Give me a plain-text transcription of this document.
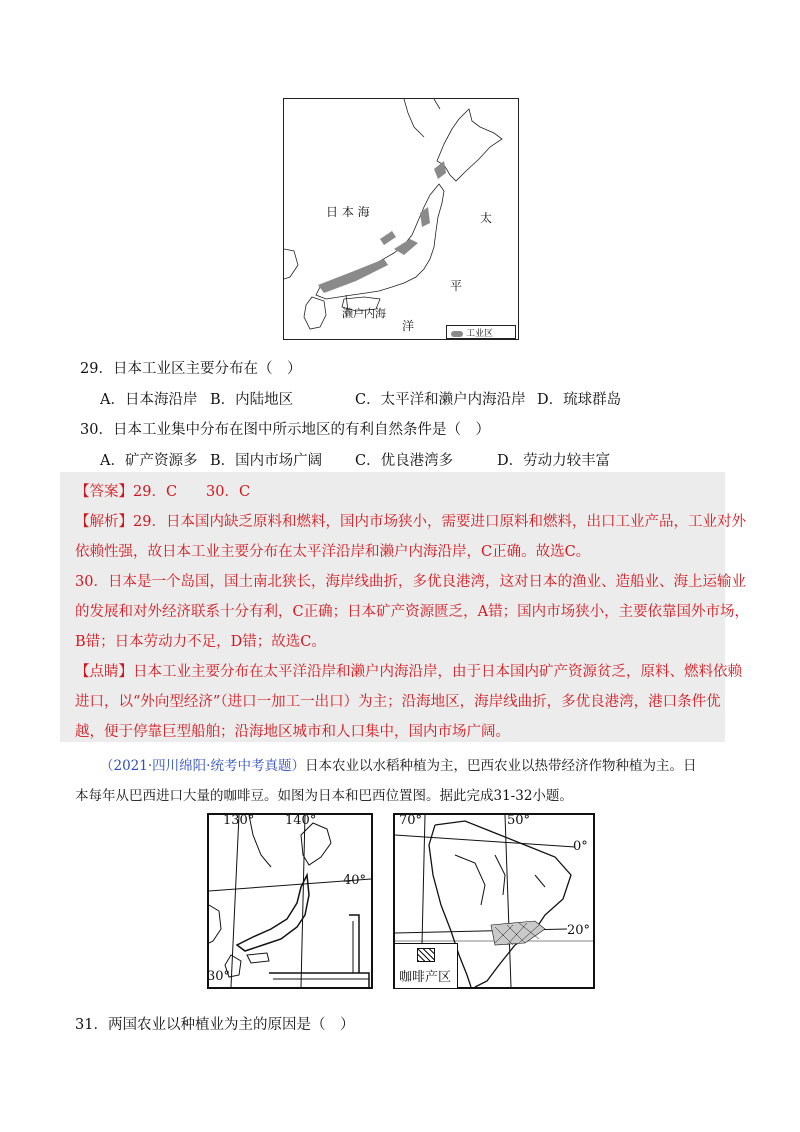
日 本 海	太
平
洋
濑户内海
工业区
29．日本工业区主要分布在（　）
A．日本海沿岸 B．内陆地区	C．太平洋和濑户内海沿岸 D．琉球群岛
30．日本工业集中分布在图中所示地区的有利自然条件是（　）
A．矿产资源多 B．国内市场广阔 C．优良港湾多	D．劳动力较丰富
【答案】29．C　　30．C
【解析】29．日本国内缺乏原料和燃料，国内市场狭小，需要进口原料和燃料，出口工业产品，工业对外
依赖性强，故日本工业主要分布在太平洋沿岸和濑户内海沿岸，C正确。故选C。
30．日本是一个岛国，国土南北狭长，海岸线曲折，多优良港湾，这对日本的渔业、造船业、海上运输业
的发展和对外经济联系十分有利，C正确；日本矿产资源匮乏，A错；国内市场狭小，主要依靠国外市场，
B错；日本劳动力不足，D错；故选C。
【点睛】日本工业主要分布在太平洋沿岸和濑户内海沿岸，由于日本国内矿产资源贫乏，原料、燃料依赖
进口，以“外向型经济”（进口一加工一出口）为主；沿海地区，海岸线曲折，多优良港湾，港口条件优
越，便于停靠巨型船舶；沿海地区城市和人口集中，国内市场广阔。
（2021·四川绵阳·统考中考真题）日本农业以水稻种植为主，巴西农业以热带经济作物种植为主。日
本每年从巴西进口大量的咖啡豆。如图为日本和巴西位置图。据此完成31-32小题。
130° 140°
40°
30°
70°	50°
0°
20°
咖啡产区
31．两国农业以种植业为主的原因是（　）
